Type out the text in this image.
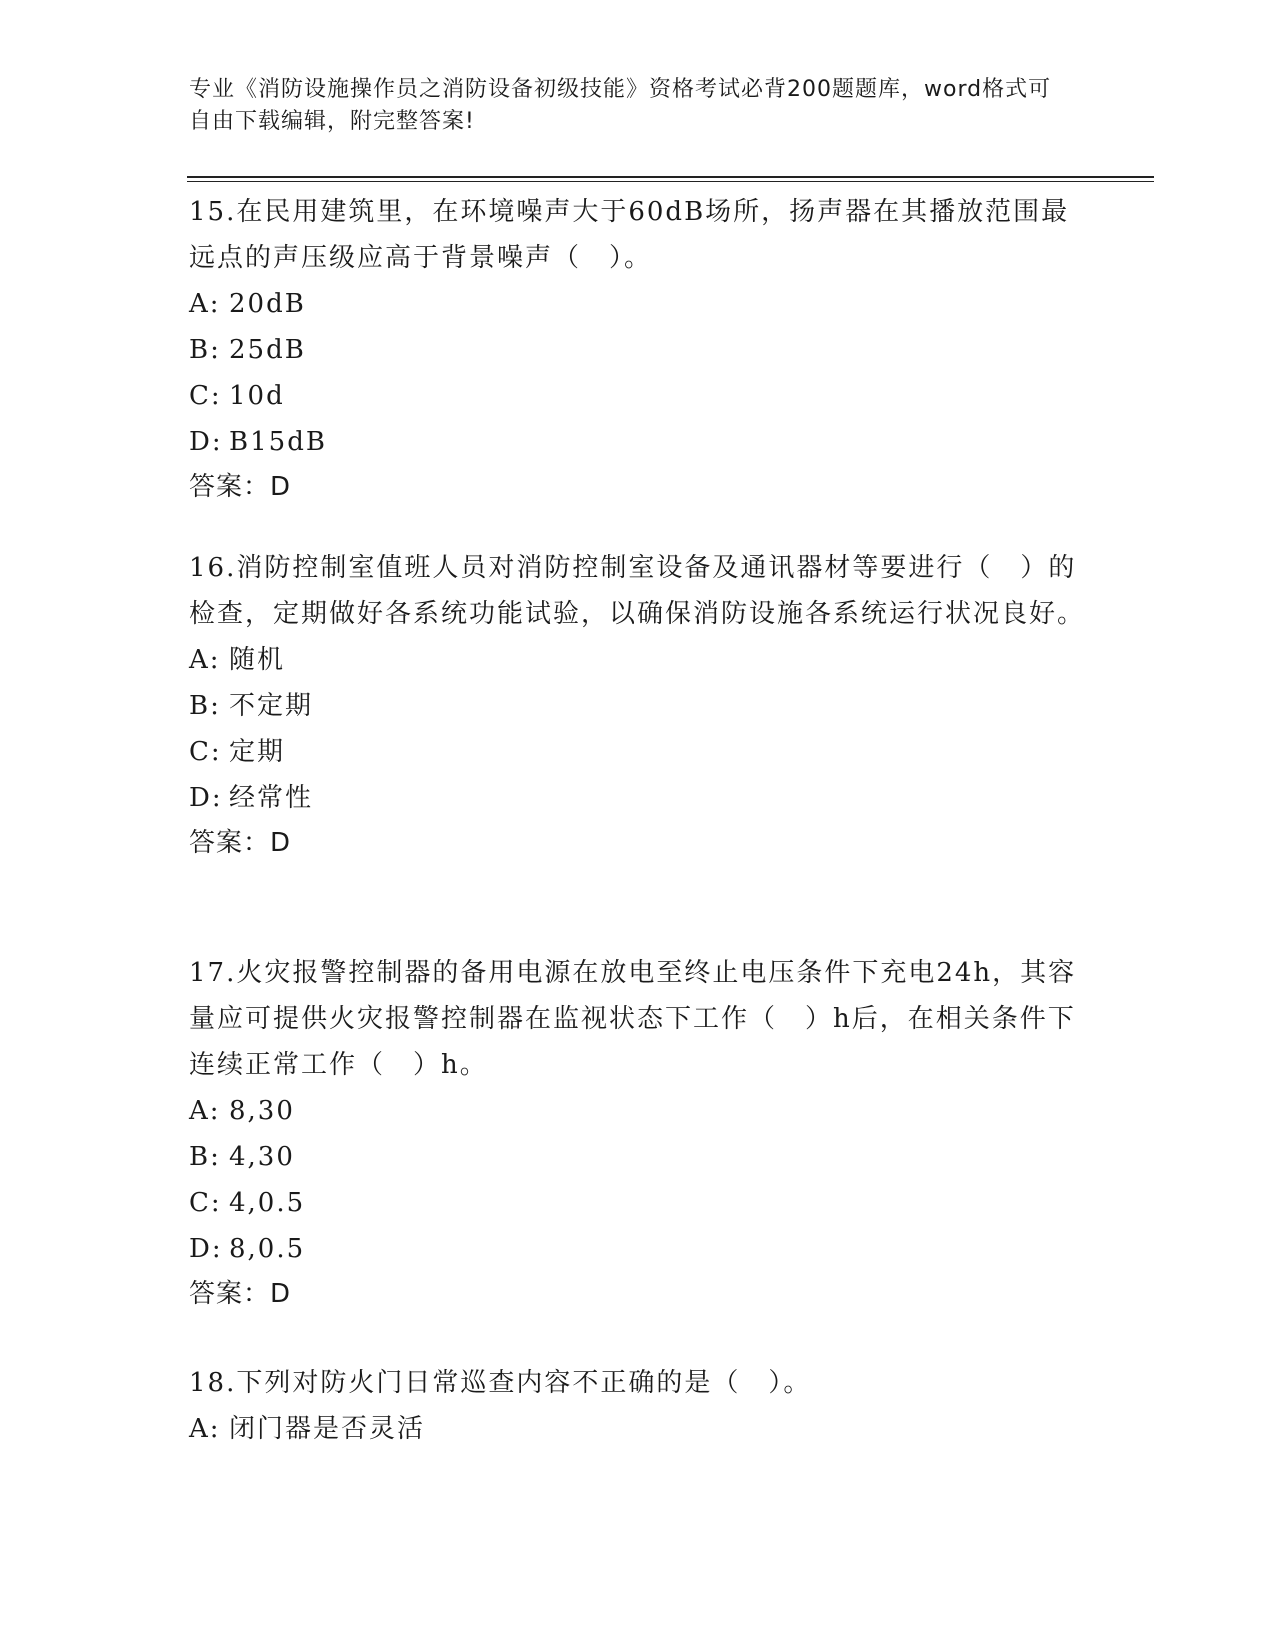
专业《消防设施操作员之消防设备初级技能》资格考试必背200题题库，word格式可自由下载编辑，附完整答案!

15.在民用建筑里，在环境噪声大于60dB场所，扬声器在其播放范围最远点的声压级应高于背景噪声（　）。

A: 20dB

B: 25dB

C: 10d

D: B15dB

答案：D

16.消防控制室值班人员对消防控制室设备及通讯器材等要进行（　）的检查，定期做好各系统功能试验，以确保消防设施各系统运行状况良好。

A: 随机

B: 不定期

C: 定期

D: 经常性

答案：D

17.火灾报警控制器的备用电源在放电至终止电压条件下充电24h，其容量应可提供火灾报警控制器在监视状态下工作（　）h后，在相关条件下连续正常工作（　）h。

A: 8,30

B: 4,30

C: 4,0.5

D: 8,0.5

答案：D

18.下列对防火门日常巡查内容不正确的是（　）。

A: 闭门器是否灵活
